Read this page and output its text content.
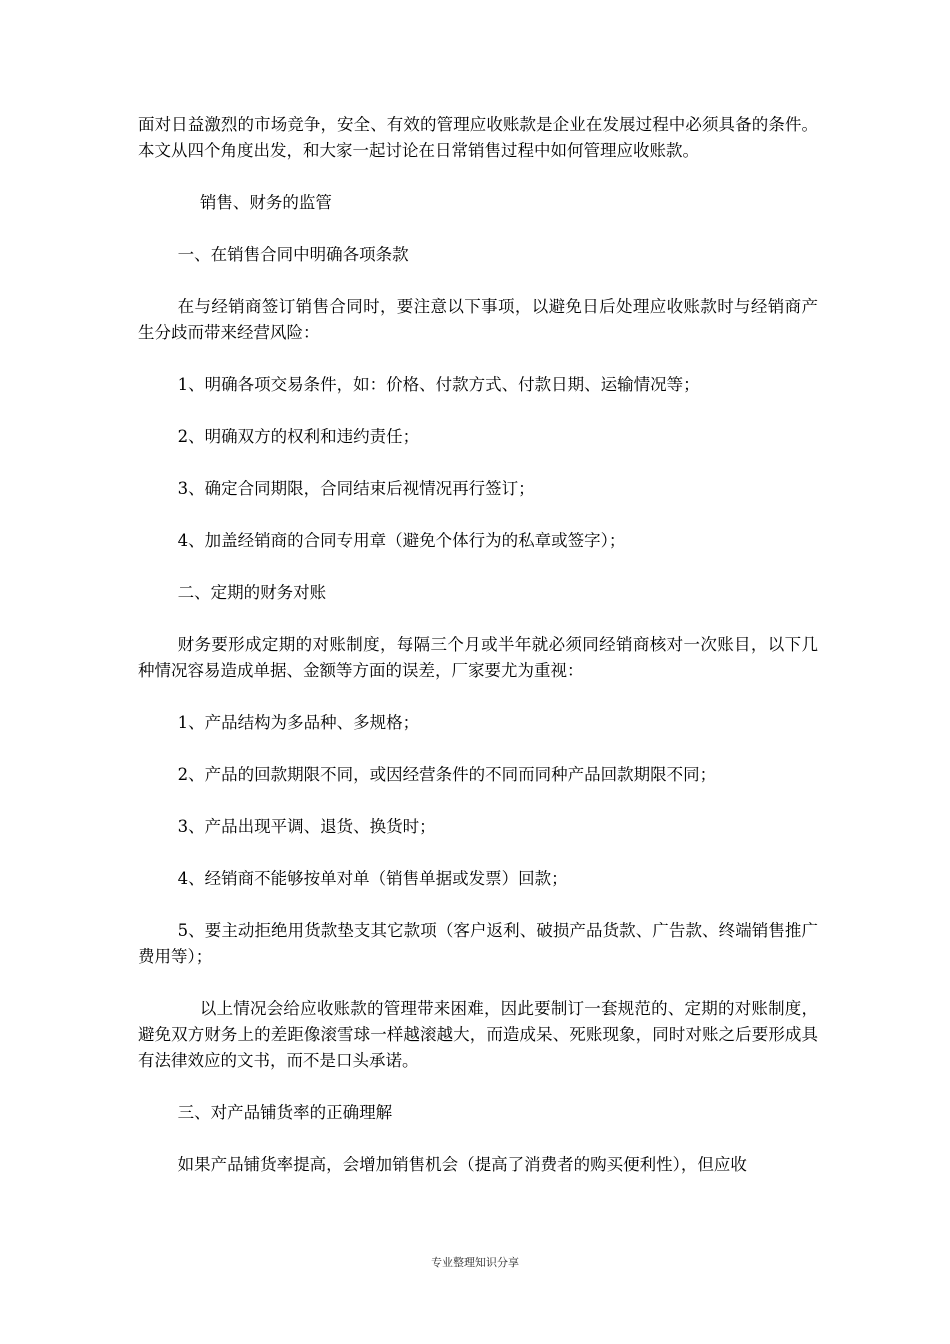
面对日益激烈的市场竞争，安全、有效的管理应收账款是企业在发展过程中必须具备的条件。本文从四个角度出发，和大家一起讨论在日常销售过程中如何管理应收账款。

销售、财务的监管

一、在销售合同中明确各项条款

在与经销商签订销售合同时，要注意以下事项，以避免日后处理应收账款时与经销商产生分歧而带来经营风险：

1、明确各项交易条件，如：价格、付款方式、付款日期、运输情况等；

2、明确双方的权利和违约责任；

3、确定合同期限，合同结束后视情况再行签订；

4、加盖经销商的合同专用章（避免个体行为的私章或签字）；

二、定期的财务对账

财务要形成定期的对账制度，每隔三个月或半年就必须同经销商核对一次账目，以下几种情况容易造成单据、金额等方面的误差，厂家要尤为重视：

1、产品结构为多品种、多规格；

2、产品的回款期限不同，或因经营条件的不同而同种产品回款期限不同；

3、产品出现平调、退货、换货时；

4、经销商不能够按单对单（销售单据或发票）回款；

5、要主动拒绝用货款垫支其它款项（客户返利、破损产品货款、广告款、终端销售推广费用等）；

以上情况会给应收账款的管理带来困难，因此要制订一套规范的、定期的对账制度，避免双方财务上的差距像滚雪球一样越滚越大，而造成呆、死账现象，同时对账之后要形成具有法律效应的文书，而不是口头承诺。

三、对产品铺货率的正确理解

如果产品铺货率提高，会增加销售机会（提高了消费者的购买便利性），但应收

专业整理知识分享
